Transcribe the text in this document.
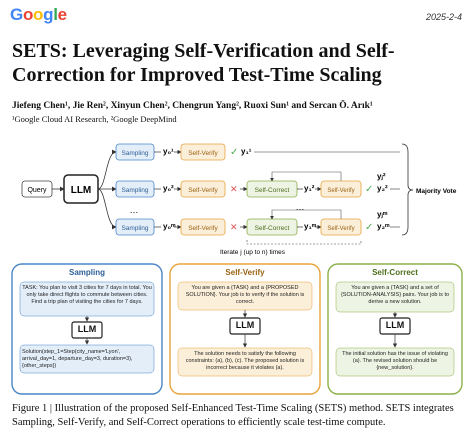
Google	2025-2-4
SETS: Leveraging Self-Verification and Self-Correction for Improved Test-Time Scaling
Jiefeng Chen¹, Jie Ren², Xinyun Chen², Chengrun Yang², Ruoxi Sun¹ and Sercan Ö. Arık¹
¹Google Cloud AI Research, ²Google DeepMind
Query LLM
…
Sampling y₀¹ Self-Verify ✓ y₁¹
Sampling y₀² Self-Verify ✕	Self-Correct y₁² Self-Verify ✓ y₂²
yⱼ²
Sampling y₀ᵐ Self-Verify ✕	Self-Correct y₁ᵐ Self-Verify ✓ y₂ᵐ
yⱼᵐ
…
Iterate j (up to n) times
Majority Vote
Sampling
TASK: You plan to visit 3 cities for 7 days in total. You only take direct flights to commute between cities. Find a trip plan of visiting the cities for 7 days.
LLM
Solution(step_1=Step(city_name='Lyon', arrival_day=1, departure_day=3, duration=3), {other_steps})
Self-Verify
You are given a {TASK} and a {PROPOSED SOLUTION}. Your job is to verify if the solution is correct.
LLM
The solution needs to satisfy the following constraints: (a), (b), (c). The proposed solution is incorrect because it violates (a).
Self-Correct
You are given a {TASK} and a set of {SOLUTION-ANALYSIS} pairs. Your job is to derive a new solution.
LLM
The initial solution has the issue of violating (a). The revised solution should be {new_solution}.
Figure 1 | Illustration of the proposed Self-Enhanced Test-Time Scaling (SETS) method. SETS integrates Sampling, Self-Verify, and Self-Correct operations to efficiently scale test-time compute.
